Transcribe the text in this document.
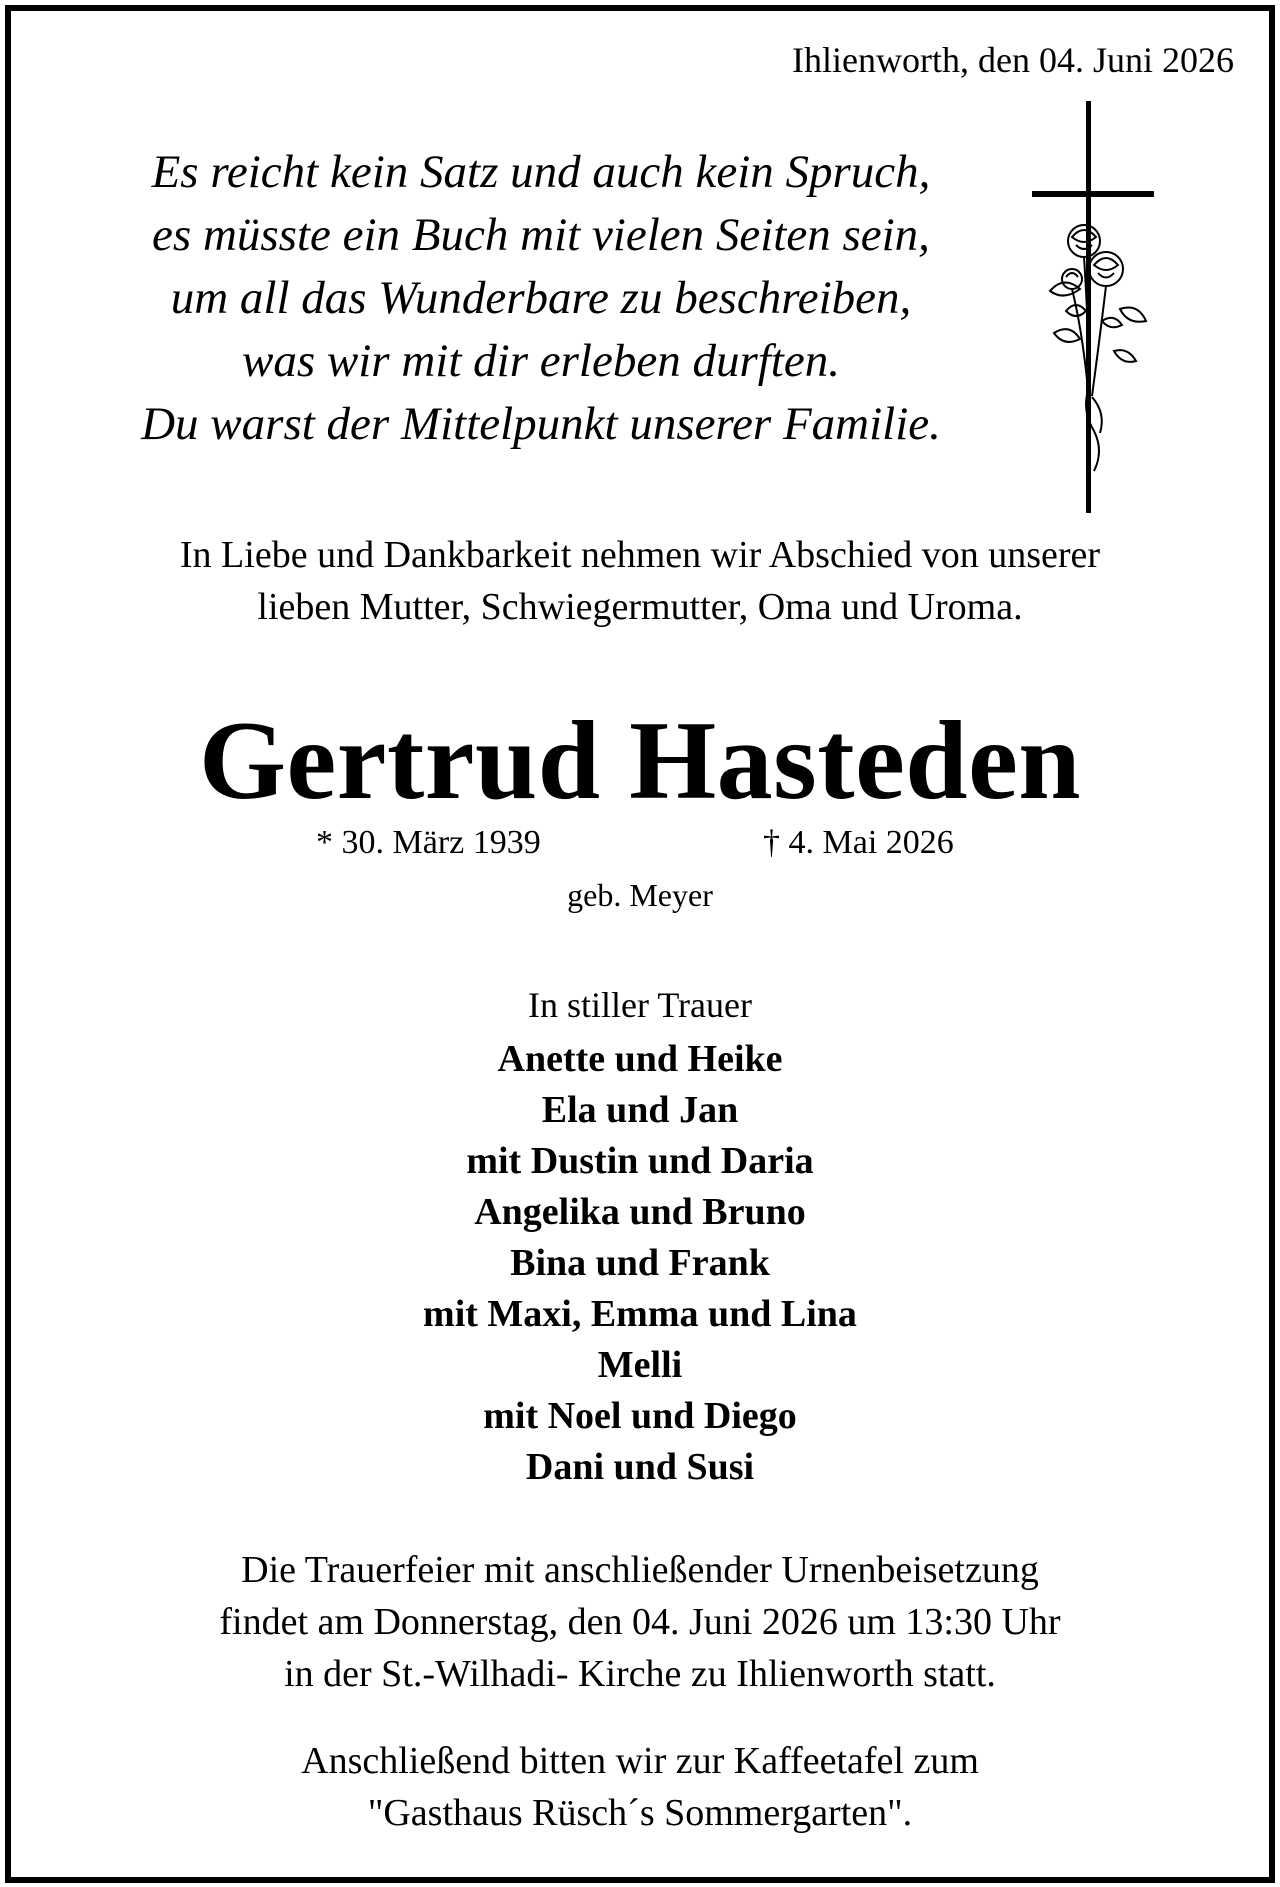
Ihlienworth, den 04. Juni 2026
Es reicht kein Satz und auch kein Spruch,
es müsste ein Buch mit vielen Seiten sein,
um all das Wunderbare zu beschreiben,
was wir mit dir erleben durften.
Du warst der Mittelpunkt unserer Familie.
In Liebe und Dankbarkeit nehmen wir Abschied von unserer
lieben Mutter, Schwiegermutter, Oma und Uroma.
Gertrud Hasteden
* 30. März 1939	† 4. Mai 2026
geb. Meyer
In stiller Trauer
Anette und Heike
Ela und Jan
mit Dustin und Daria
Angelika und Bruno
Bina und Frank
mit Maxi, Emma und Lina
Melli
mit Noel und Diego
Dani und Susi
Die Trauerfeier mit anschließender Urnenbeisetzung
findet am Donnerstag, den 04. Juni 2026 um 13:30 Uhr
in der St.-Wilhadi- Kirche zu Ihlienworth statt.
Anschließend bitten wir zur Kaffeetafel zum
"Gasthaus Rüsch´s Sommergarten".
